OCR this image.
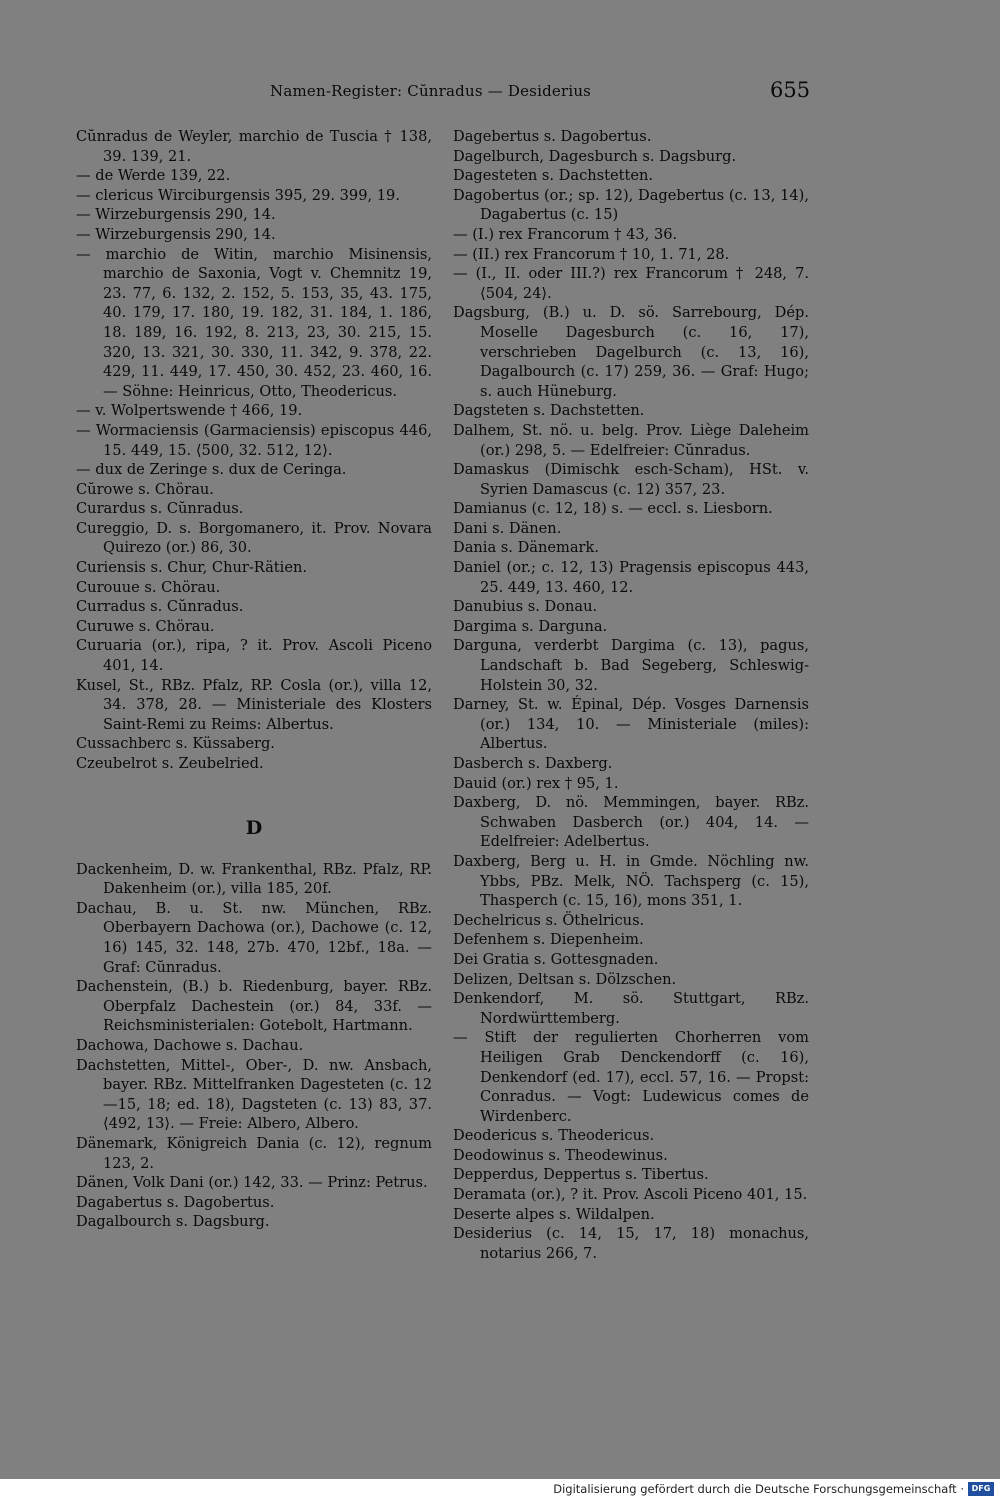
Namen-Register: Cŭnradus — Desiderius	655

Cŭnradus de Weyler, marchio de Tuscia † 138, 39. 139, 21.

— de Werde 139, 22.

— clericus Wirciburgensis 395, 29. 399, 19.

— Wirzeburgensis 290, 14.

— Wirzeburgensis 290, 14.

— marchio de Witin, marchio Misinensis, marchio de Saxonia, Vogt v. Chemnitz 19, 23. 77, 6. 132, 2. 152, 5. 153, 35, 43. 175, 40. 179, 17. 180, 19. 182, 31. 184, 1. 186, 18. 189, 16. 192, 8. 213, 23, 30. 215, 15. 320, 13. 321, 30. 330, 11. 342, 9. 378, 22. 429, 11. 449, 17. 450, 30. 452, 23. 460, 16. — Söhne: Heinricus, Otto, Theodericus.

— v. Wolpertswende † 466, 19.

— Wormaciensis (Garmaciensis) episcopus 446, 15. 449, 15. ⟨500, 32. 512, 12⟩.

— dux de Zeringe s. dux de Ceringa.

Cŭrowe s. Chörau.

Curardus s. Cŭnradus.

Cureggio, D. s. Borgomanero, it. Prov. Novara Quirezo (or.) 86, 30.

Curiensis s. Chur, Chur-Rätien.

Curouue s. Chörau.

Curradus s. Cŭnradus.

Curuwe s. Chörau.

Curuaria (or.), ripa, ? it. Prov. Ascoli Piceno 401, 14.

Kusel, St., RBz. Pfalz, RP. Cosla (or.), villa 12, 34. 378, 28. — Ministeriale des Klosters Saint-Remi zu Reims: Albertus.

Cussachberc s. Küssaberg.

Czeubelrot s. Zeubelried.

D

Dackenheim, D. w. Frankenthal, RBz. Pfalz, RP. Dakenheim (or.), villa 185, 20f.

Dachau, B. u. St. nw. München, RBz. Oberbayern Dachowa (or.), Dachowe (c. 12, 16) 145, 32. 148, 27b. 470, 12bf., 18a. — Graf: Cŭnradus.

Dachenstein, (B.) b. Riedenburg, bayer. RBz. Oberpfalz Dachestein (or.) 84, 33f. — Reichsministerialen: Gotebolt, Hartmann.

Dachowa, Dachowe s. Dachau.

Dachstetten, Mittel-, Ober-, D. nw. Ansbach, bayer. RBz. Mittelfranken Dagesteten (c. 12—15, 18; ed. 18), Dagsteten (c. 13) 83, 37. ⟨492, 13⟩. — Freie: Albero, Albero.

Dänemark, Königreich Dania (c. 12), regnum 123, 2.

Dänen, Volk Dani (or.) 142, 33. — Prinz: Petrus.

Dagabertus s. Dagobertus.

Dagalbourch s. Dagsburg.

Dagebertus s. Dagobertus.

Dagelburch, Dagesburch s. Dagsburg.

Dagesteten s. Dachstetten.

Dagobertus (or.; sp. 12), Dagebertus (c. 13, 14), Dagabertus (c. 15)

— (I.) rex Francorum † 43, 36.

— (II.) rex Francorum † 10, 1. 71, 28.

— (I., II. oder III.?) rex Francorum † 248, 7. ⟨504, 24⟩.

Dagsburg, (B.) u. D. sö. Sarrebourg, Dép. Moselle Dagesburch (c. 16, 17), verschrieben Dagelburch (c. 13, 16), Dagalbourch (c. 17) 259, 36. — Graf: Hugo; s. auch Hüneburg.

Dagsteten s. Dachstetten.

Dalhem, St. nö. u. belg. Prov. Liège Daleheim (or.) 298, 5. — Edelfreier: Cŭnradus.

Damaskus (Dimischk esch-Scham), HSt. v. Syrien Damascus (c. 12) 357, 23.

Damianus (c. 12, 18) s. — eccl. s. Liesborn.

Dani s. Dänen.

Dania s. Dänemark.

Daniel (or.; c. 12, 13) Pragensis episcopus 443, 25. 449, 13. 460, 12.

Danubius s. Donau.

Dargima s. Darguna.

Darguna, verderbt Dargima (c. 13), pagus, Landschaft b. Bad Segeberg, Schleswig-Holstein 30, 32.

Darney, St. w. Épinal, Dép. Vosges Darnensis (or.) 134, 10. — Ministeriale (miles): Albertus.

Dasberch s. Daxberg.

Dauid (or.) rex † 95, 1.

Daxberg, D. nö. Memmingen, bayer. RBz. Schwaben Dasberch (or.) 404, 14. — Edelfreier: Adelbertus.

Daxberg, Berg u. H. in Gmde. Nöchling nw. Ybbs, PBz. Melk, NÖ. Tachsperg (c. 15), Thasperch (c. 15, 16), mons 351, 1.

Dechelricus s. Öthelricus.

Defenhem s. Diepenheim.

Dei Gratia s. Gottesgnaden.

Delizen, Deltsan s. Dölzschen.

Denkendorf, M. sö. Stuttgart, RBz. Nordwürttemberg.

— Stift der regulierten Chorherren vom Heiligen Grab Denckendorff (c. 16), Denkendorf (ed. 17), eccl. 57, 16. — Propst: Conradus. — Vogt: Ludewicus comes de Wirdenberc.

Deodericus s. Theodericus.

Deodowinus s. Theodewinus.

Depperdus, Deppertus s. Tibertus.

Deramata (or.), ? it. Prov. Ascoli Piceno 401, 15.

Deserte alpes s. Wildalpen.

Desiderius (c. 14, 15, 17, 18) monachus, notarius 266, 7.

Digitalisierung gefördert durch die Deutsche Forschungsgemeinschaft · DFG
